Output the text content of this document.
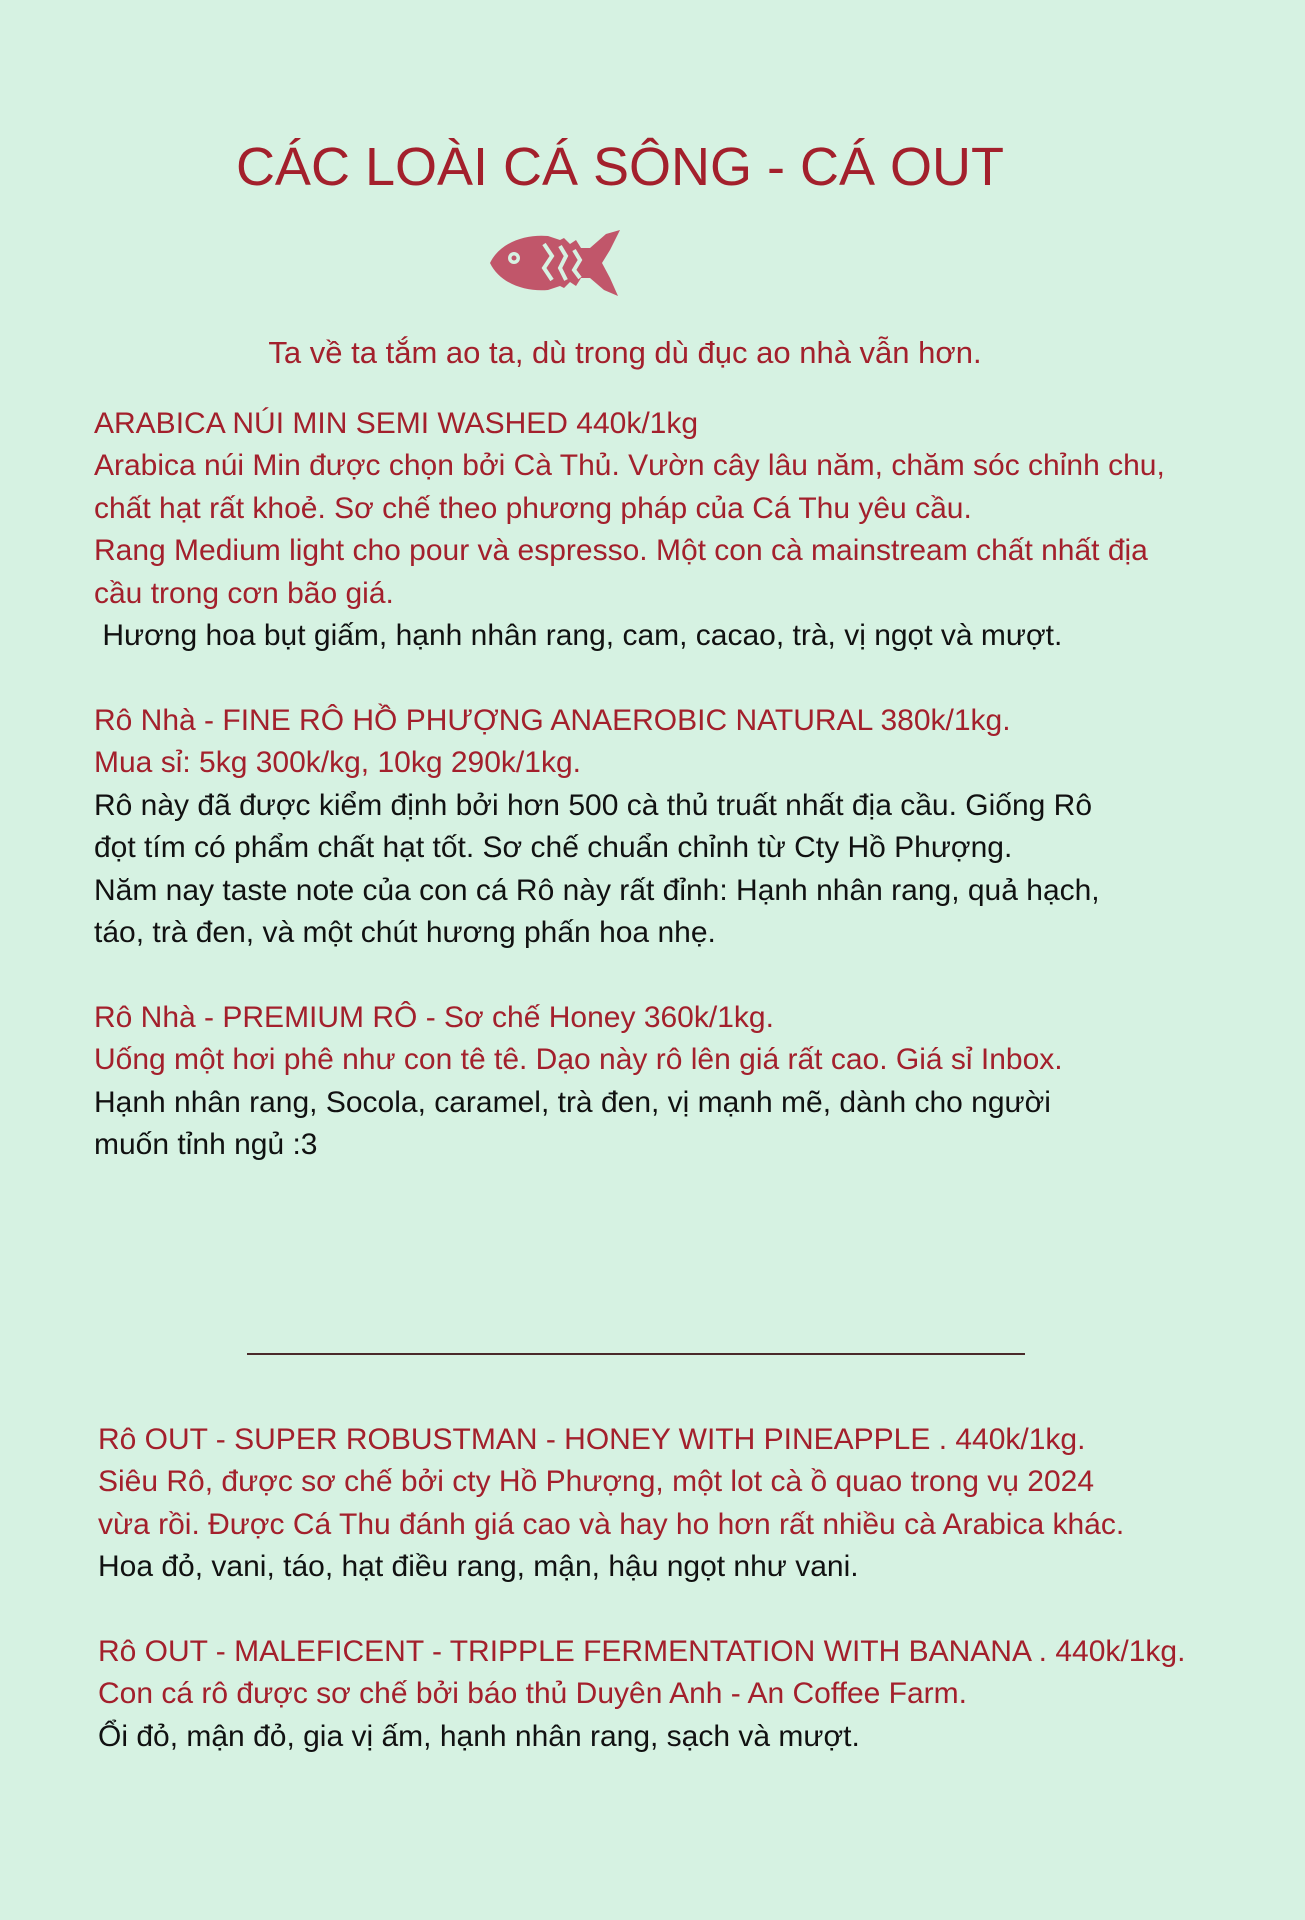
CÁC LOÀI CÁ SÔNG - CÁ OUT
Ta về ta tắm ao ta, dù trong dù đục ao nhà vẫn hơn.
ARABICA NÚI MIN SEMI WASHED 440k/1kg
Arabica núi Min được chọn bởi Cà Thủ. Vườn cây lâu năm, chăm sóc chỉnh chu,
chất hạt rất khoẻ. Sơ chế theo phương pháp của Cá Thu yêu cầu.
Rang Medium light cho pour và espresso. Một con cà mainstream chất nhất địa
cầu trong cơn bão giá.
Hương hoa bụt giấm, hạnh nhân rang, cam, cacao, trà, vị ngọt và mượt.
Rô Nhà - FINE RÔ HỒ PHƯỢNG ANAEROBIC NATURAL 380k/1kg.
Mua sỉ: 5kg 300k/kg, 10kg 290k/1kg.
Rô này đã được kiểm định bởi hơn 500 cà thủ truất nhất địa cầu. Giống Rô
đọt tím có phẩm chất hạt tốt. Sơ chế chuẩn chỉnh từ Cty Hồ Phượng.
Năm nay taste note của con cá Rô này rất đỉnh: Hạnh nhân rang, quả hạch,
táo, trà đen, và một chút hương phấn hoa nhẹ.
Rô Nhà - PREMIUM RÔ - Sơ chế Honey 360k/1kg.
Uống một hơi phê như con tê tê. Dạo này rô lên giá rất cao. Giá sỉ Inbox.
Hạnh nhân rang, Socola, caramel, trà đen, vị mạnh mẽ, dành cho người
muốn tỉnh ngủ :3
Rô OUT - SUPER ROBUSTMAN - HONEY WITH PINEAPPLE . 440k/1kg.
Siêu Rô, được sơ chế bởi cty Hồ Phượng, một lot cà ồ quao trong vụ 2024
vừa rồi. Được Cá Thu đánh giá cao và hay ho hơn rất nhiều cà Arabica khác.
Hoa đỏ, vani, táo, hạt điều rang, mận, hậu ngọt như vani.
Rô OUT - MALEFICENT - TRIPPLE FERMENTATION WITH BANANA . 440k/1kg.
Con cá rô được sơ chế bởi báo thủ Duyên Anh - An Coffee Farm.
Ổi đỏ, mận đỏ, gia vị ấm, hạnh nhân rang, sạch và mượt.
